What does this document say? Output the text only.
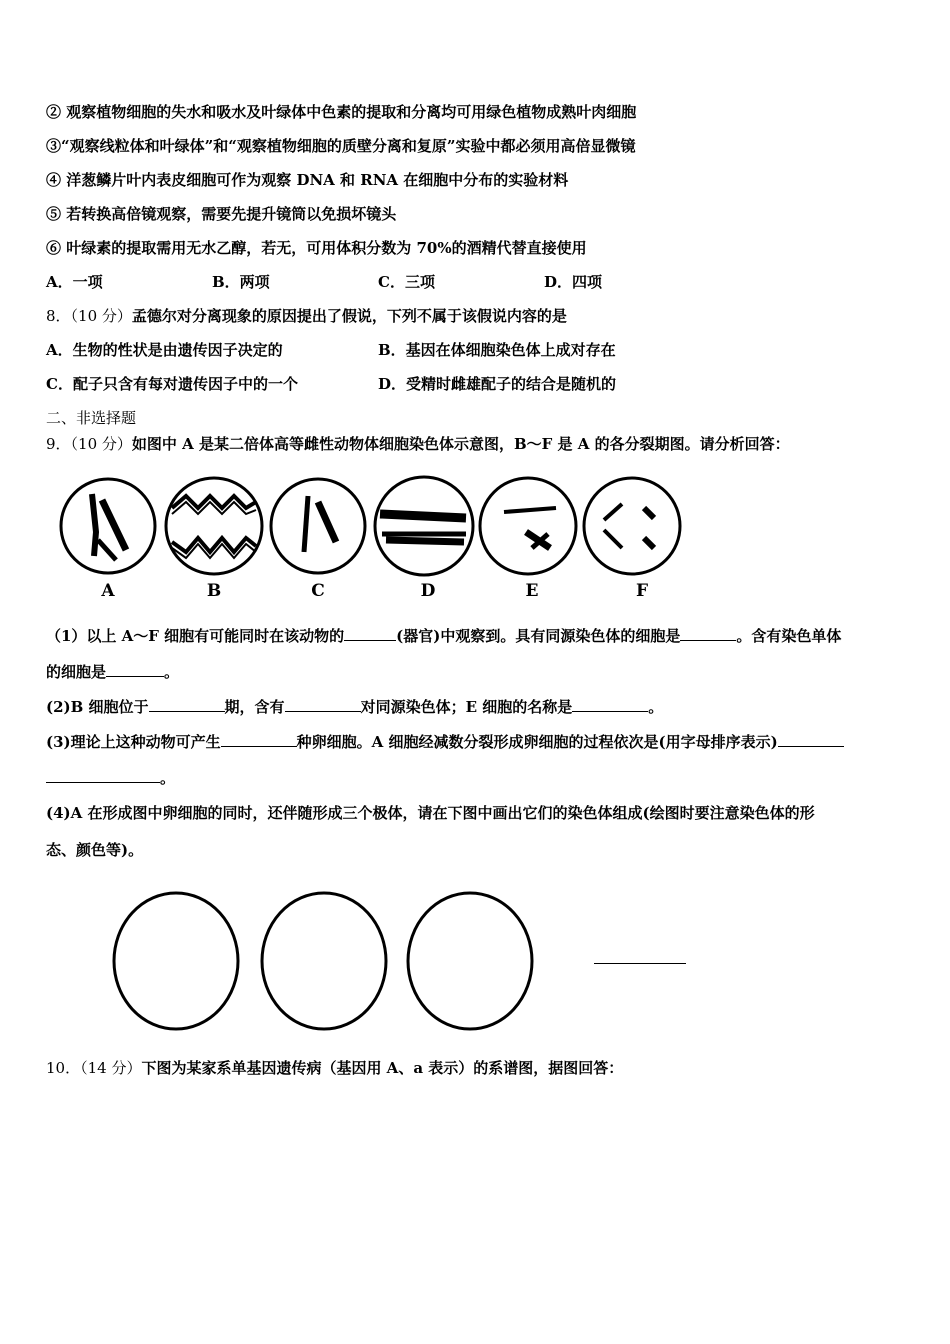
② 观察植物细胞的失水和吸水及叶绿体中色素的提取和分离均可用绿色植物成熟叶肉细胞
③“观察线粒体和叶绿体”和“观察植物细胞的质壁分离和复原”实验中都必须用高倍显微镜
④ 洋葱鳞片叶内表皮细胞可作为观察 DNA 和 RNA 在细胞中分布的实验材料
⑤ 若转换高倍镜观察，需要先提升镜筒以免损坏镜头
⑥ 叶绿素的提取需用无水乙醇，若无，可用体积分数为 70%的酒精代替直接使用
A．一项	B．两项	C．三项	D．四项
8．（10 分）孟德尔对分离现象的原因提出了假说，下列不属于该假说内容的是
A．生物的性状是由遗传因子决定的	B．基因在体细胞染色体上成对存在
C．配子只含有每对遗传因子中的一个	D．受精时雌雄配子的结合是随机的
二、非选择题
9．（10 分）如图中 A 是某二倍体高等雌性动物体细胞染色体示意图，B～F 是 A 的各分裂期图。请分析回答：
A	B	C	D	E	F
（1）以上 A～F 细胞有可能同时在该动物的	(器官)中观察到。具有同源染色体的细胞是	。含有染色单体
的细胞是	。
(2)B 细胞位于	期，含有	对同源染色体；E 细胞的名称是	。
(3)理论上这种动物可产生	种卵细胞。A 细胞经减数分裂形成卵细胞的过程依次是(用字母排序表示)
。
(4)A 在形成图中卵细胞的同时，还伴随形成三个极体，请在下图中画出它们的染色体组成(绘图时要注意染色体的形
态、颜色等)。
10．（14 分）下图为某家系单基因遗传病（基因用 A、a 表示）的系谱图，据图回答：
